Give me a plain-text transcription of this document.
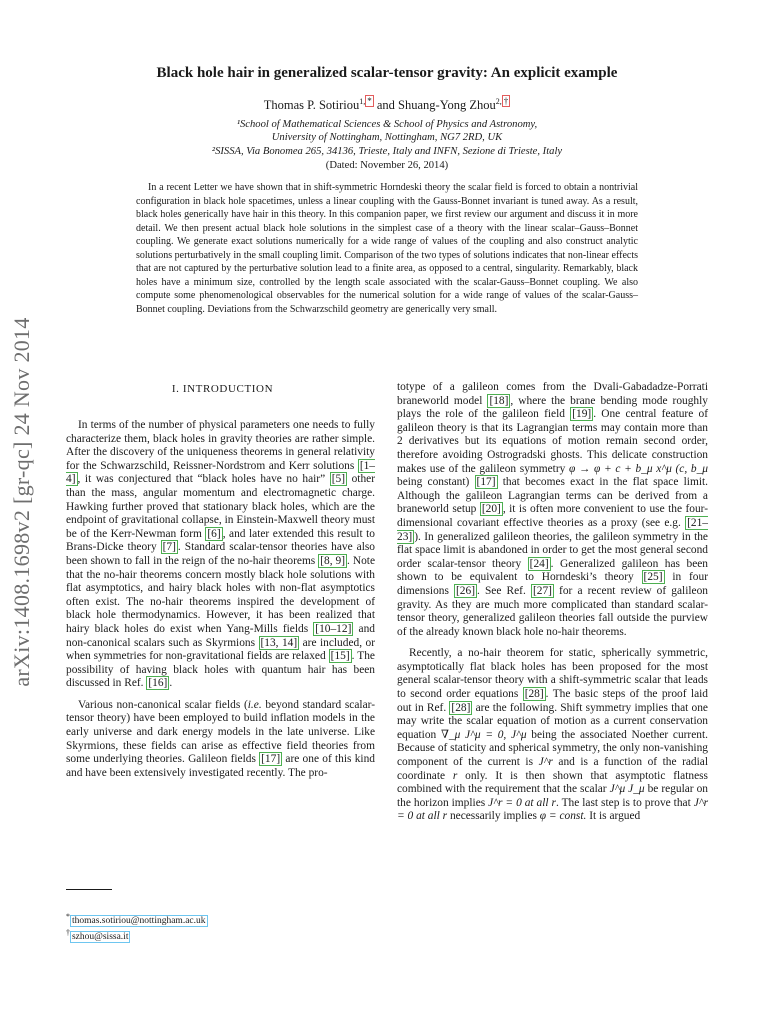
arXiv:1408.1698v2 [gr-qc] 24 Nov 2014
Black hole hair in generalized scalar-tensor gravity: An explicit example
Thomas P. Sotiriou$^{1,}$ * and Shuang-Yong Zhou$^{2,}$ †
¹School of Mathematical Sciences & School of Physics and Astronomy,
University of Nottingham, Nottingham, NG7 2RD, UK
²SISSA, Via Bonomea 265, 34136, Trieste, Italy and INFN, Sezione di Trieste, Italy
(Dated: November 26, 2014)
In a recent Letter we have shown that in shift-symmetric Horndeski theory the scalar field is forced to obtain a nontrivial configuration in black hole spacetimes, unless a linear coupling with the Gauss-Bonnet invariant is tuned away. As a result, black holes generically have hair in this theory. In this companion paper, we first review our argument and discuss it in more detail. We then present actual black hole solutions in the simplest case of a theory with the linear scalar–Gauss–Bonnet coupling. We generate exact solutions numerically for a wide range of values of the coupling and also construct analytic solutions perturbatively in the small coupling limit. Comparison of the two types of solutions indicates that non-linear effects that are not captured by the perturbative solution lead to a finite area, as opposed to a central, singularity. Remarkably, black holes have a minimum size, controlled by the length scale associated with the scalar-Gauss–Bonnet coupling. We also compute some phenomenological observables for the numerical solution for a wide range of values of the scalar-Gauss–Bonnet coupling. Deviations from the Schwarzschild geometry are generically very small.
I. INTRODUCTION

In terms of the number of physical parameters one needs to fully characterize them, black holes in gravity theories are rather simple. After the discovery of the uniqueness theorems in general relativity for the Schwarzschild, Reissner-Nordstrom and Kerr solutions [1–4] , it was conjectured that “black holes have no hair” [5] other than the mass, angular momentum and electromagnetic charge. Hawking further proved that stationary black holes, which are the endpoint of gravitational collapse, in Einstein-Maxwell theory must be of the Kerr-Newman form [6] , and later extended this result to Brans-Dicke theory [7] . Standard scalar-tensor theories have also been shown to fall in the reign of the no-hair theorems [8, 9] . Note that the no-hair theorems concern mostly black hole solutions with flat asymptotics, and hairy black holes with non-flat asymptotics often exist. The no-hair theorems inspired the development of black hole thermodynamics. However, it has been realized that hairy black holes do exist when Yang-Mills fields [10–12] and non-canonical scalars such as Skyrmions [13, 14] are included, or when symmetries for non-gravitational fields are relaxed [15] . The possibility of having black holes with quantum hair has been discussed in Ref. [16] .

Various non-canonical scalar fields (i.e. beyond standard scalar-tensor theory) have been employed to build inflation models in the early universe and dark energy models in the late universe. Like Skyrmions, these fields can arise as effective field theories from some underlying theories. Galileon fields [17] are one of this kind and have been extensively investigated recently. The pro-

totype of a galileon comes from the Dvali-Gabadadze-Porrati braneworld model [18] , where the brane bending mode roughly plays the role of the galileon field [19] . One central feature of galileon theory is that its Lagrangian terms may contain more than 2 derivatives but its equations of motion remain second order, therefore avoiding Ostrogradski ghosts. This delicate construction makes use of the galileon symmetry φ → φ + c + b_μ x^μ (c, b_μ being constant) [17] that becomes exact in the flat space limit. Although the galileon Lagrangian terms can be derived from a braneworld setup [20] , it is often more convenient to use the four-dimensional covariant effective theories as a proxy (see e.g. [21–23] ). In generalized galileon theories, the galileon symmetry in the flat space limit is abandoned in order to get the most general second order scalar-tensor theory [24] . Generalized galileon has been shown to be equivalent to Horndeski’s theory [25] in four dimensions [26] . See Ref. [27] for a recent review of galileon gravity. As they are much more complicated than standard scalar-tensor theory, generalized galileon theories fall outside the purview of the already known black hole no-hair theorems.

Recently, a no-hair theorem for static, spherically symmetric, asymptotically flat black holes has been proposed for the most general scalar-tensor theory with a shift-symmetric scalar that leads to second order equations [28] . The basic steps of the proof laid out in Ref. [28] are the following. Shift symmetry implies that one may write the scalar equation of motion as a current conservation equation ∇_μ J^μ = 0, J^μ being the associated Noether current. Because of staticity and spherical symmetry, the only non-vanishing component of the current is J^r and is a function of the radial coordinate r only. It is then shown that asymptotic flatness combined with the requirement that the scalar J^μ J_μ be regular on the horizon implies J^r = 0 at all r. The last step is to prove that J^r = 0 at all r necessarily implies φ = const. It is argued

* thomas.sotiriou@nottingham.ac.uk
† szhou@sissa.it
